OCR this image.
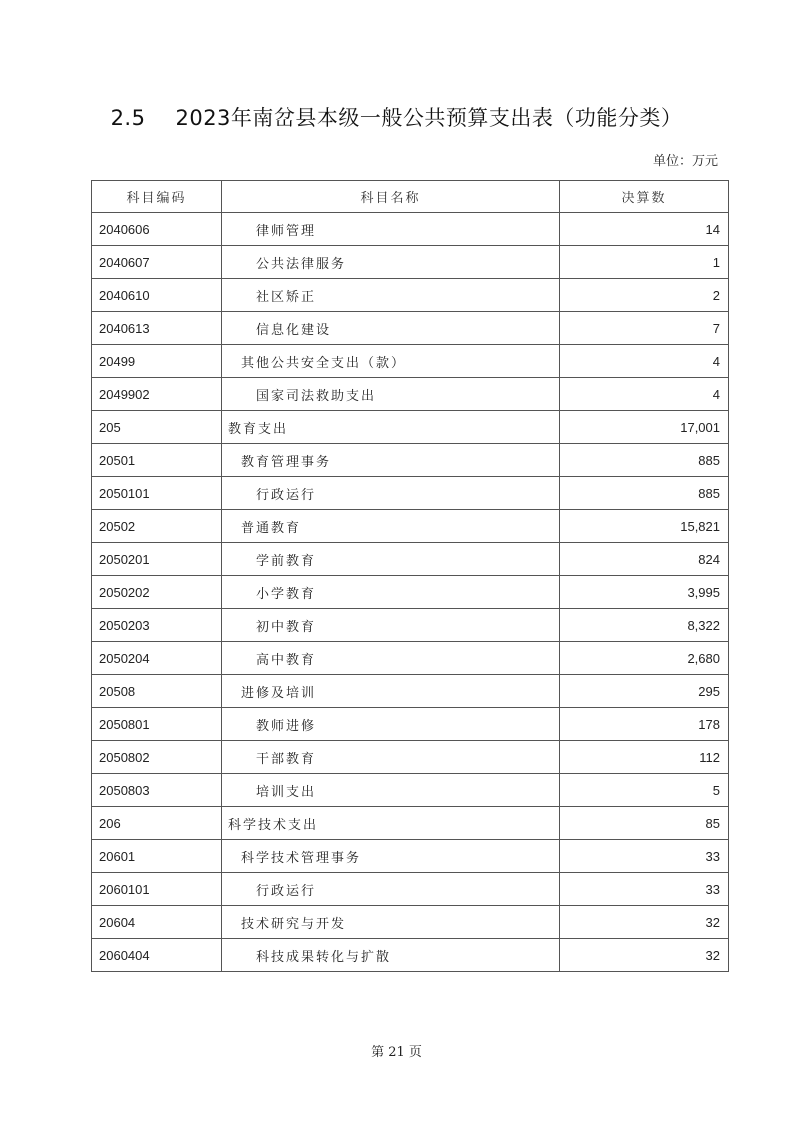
2.5 2023年南岔县本级一般公共预算支出表（功能分类）
单位：万元
科目编码	科目名称	决算数
2040606	律师管理	14
2040607	公共法律服务	1
2040610	社区矫正	2
2040613	信息化建设	7
20499	其他公共安全支出（款）	4
2049902	国家司法救助支出	4
205	教育支出	17,001
20501	教育管理事务	885
2050101	行政运行	885
20502	普通教育	15,821
2050201	学前教育	824
2050202	小学教育	3,995
2050203	初中教育	8,322
2050204	高中教育	2,680
20508	进修及培训	295
2050801	教师进修	178
2050802	干部教育	112
2050803	培训支出	5
206	科学技术支出	85
20601	科学技术管理事务	33
2060101	行政运行	33
20604	技术研究与开发	32
2060404	科技成果转化与扩散	32
第 21 页
